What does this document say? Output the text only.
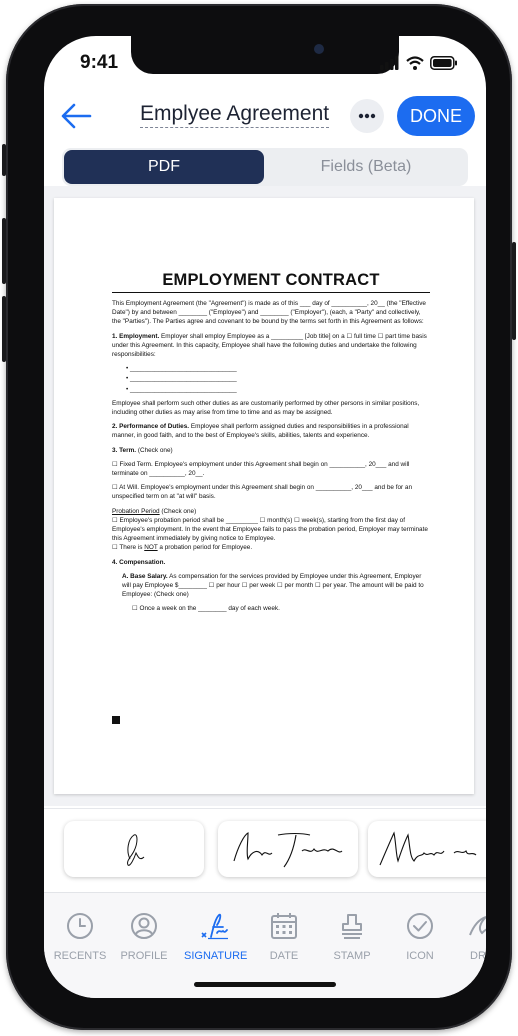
9:41
Emplyee Agreement	DONE
PDF	Fields (Beta)
EMPLOYMENT CONTRACT

This Employment Agreement (the "Agreement") is made as of this ___ day of __________, 20__ (the "Effective Date") by and between ________ ("Employee") and ________ ("Employer"), (each, a "Party" and collectively, the "Parties"). The Parties agree and covenant to be bound by the terms set forth in this Agreement as follows:

1. Employment. Employer shall employ Employee as a _________ [Job title] on a ☐ full time ☐ part time basis under this Agreement. In this capacity, Employee shall have the following duties and undertake the following responsibilities:

• ______________________________
• ______________________________
• ______________________________

Employee shall perform such other duties as are customarily performed by other persons in similar positions, including other duties as may arise from time to time and as may be assigned.

2. Performance of Duties. Employee shall perform assigned duties and responsibilities in a professional manner, in good faith, and to the best of Employee's skills, abilities, talents and experience.

3. Term. (Check one)

☐ Fixed Term. Employee's employment under this Agreement shall begin on __________, 20___ and will terminate on __________, 20__.

☐ At Will. Employee's employment under this Agreement shall begin on __________, 20___ and be for an unspecified term on at "at will" basis.

Probation Period (Check one)
☐ Employee's probation period shall be _________ ☐ month(s) ☐ week(s), starting from the first day of Employee's employment. In the event that Employee fails to pass the probation period, Employer may terminate this Agreement immediately by giving notice to Employee.

☐ There is NOT a probation period for Employee.

4. Compensation.

A. Base Salary. As compensation for the services provided by Employee under this Agreement, Employer will pay Employee $________ ☐ per hour ☐ per week ☐ per month ☐ per year. The amount will be paid to Employee: (Check one)

☐ Once a week on the ________ day of each week.

RECENTS	PROFILE	SIGNATURE	DATE	STAMP	ICON	DR
